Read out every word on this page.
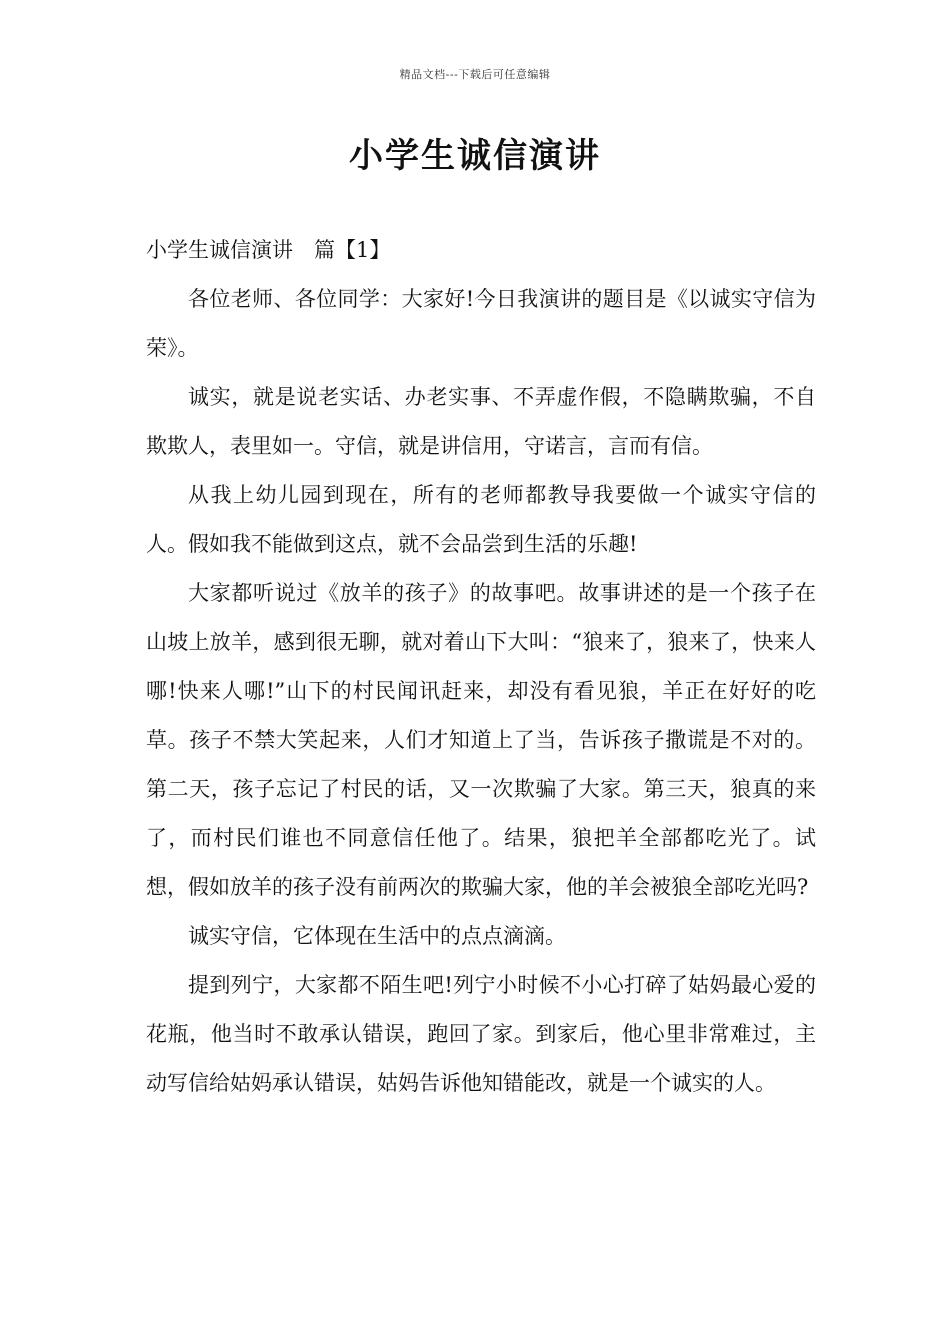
精品文档---下载后可任意编辑
小学生诚信演讲

小学生诚信演讲　篇【1】

各位老师、各位同学：大家好!今日我演讲的题目是《以诚实守信为荣》。

诚实，就是说老实话、办老实事、不弄虚作假，不隐瞒欺骗，不自欺欺人，表里如一。守信，就是讲信用，守诺言，言而有信。

从我上幼儿园到现在，所有的老师都教导我要做一个诚实守信的人。假如我不能做到这点，就不会品尝到生活的乐趣!

大家都听说过《放羊的孩子》的故事吧。故事讲述的是一个孩子在山坡上放羊，感到很无聊，就对着山下大叫：“狼来了，狼来了，快来人哪!快来人哪!”山下的村民闻讯赶来，却没有看见狼，羊正在好好的吃草。孩子不禁大笑起来，人们才知道上了当，告诉孩子撒谎是不对的。第二天，孩子忘记了村民的话，又一次欺骗了大家。第三天，狼真的来了，而村民们谁也不同意信任他了。结果，狼把羊全部都吃光了。试想，假如放羊的孩子没有前两次的欺骗大家，他的羊会被狼全部吃光吗?

诚实守信，它体现在生活中的点点滴滴。

提到列宁，大家都不陌生吧!列宁小时候不小心打碎了姑妈最心爱的花瓶，他当时不敢承认错误，跑回了家。到家后，他心里非常难过，主动写信给姑妈承认错误，姑妈告诉他知错能改，就是一个诚实的人。
